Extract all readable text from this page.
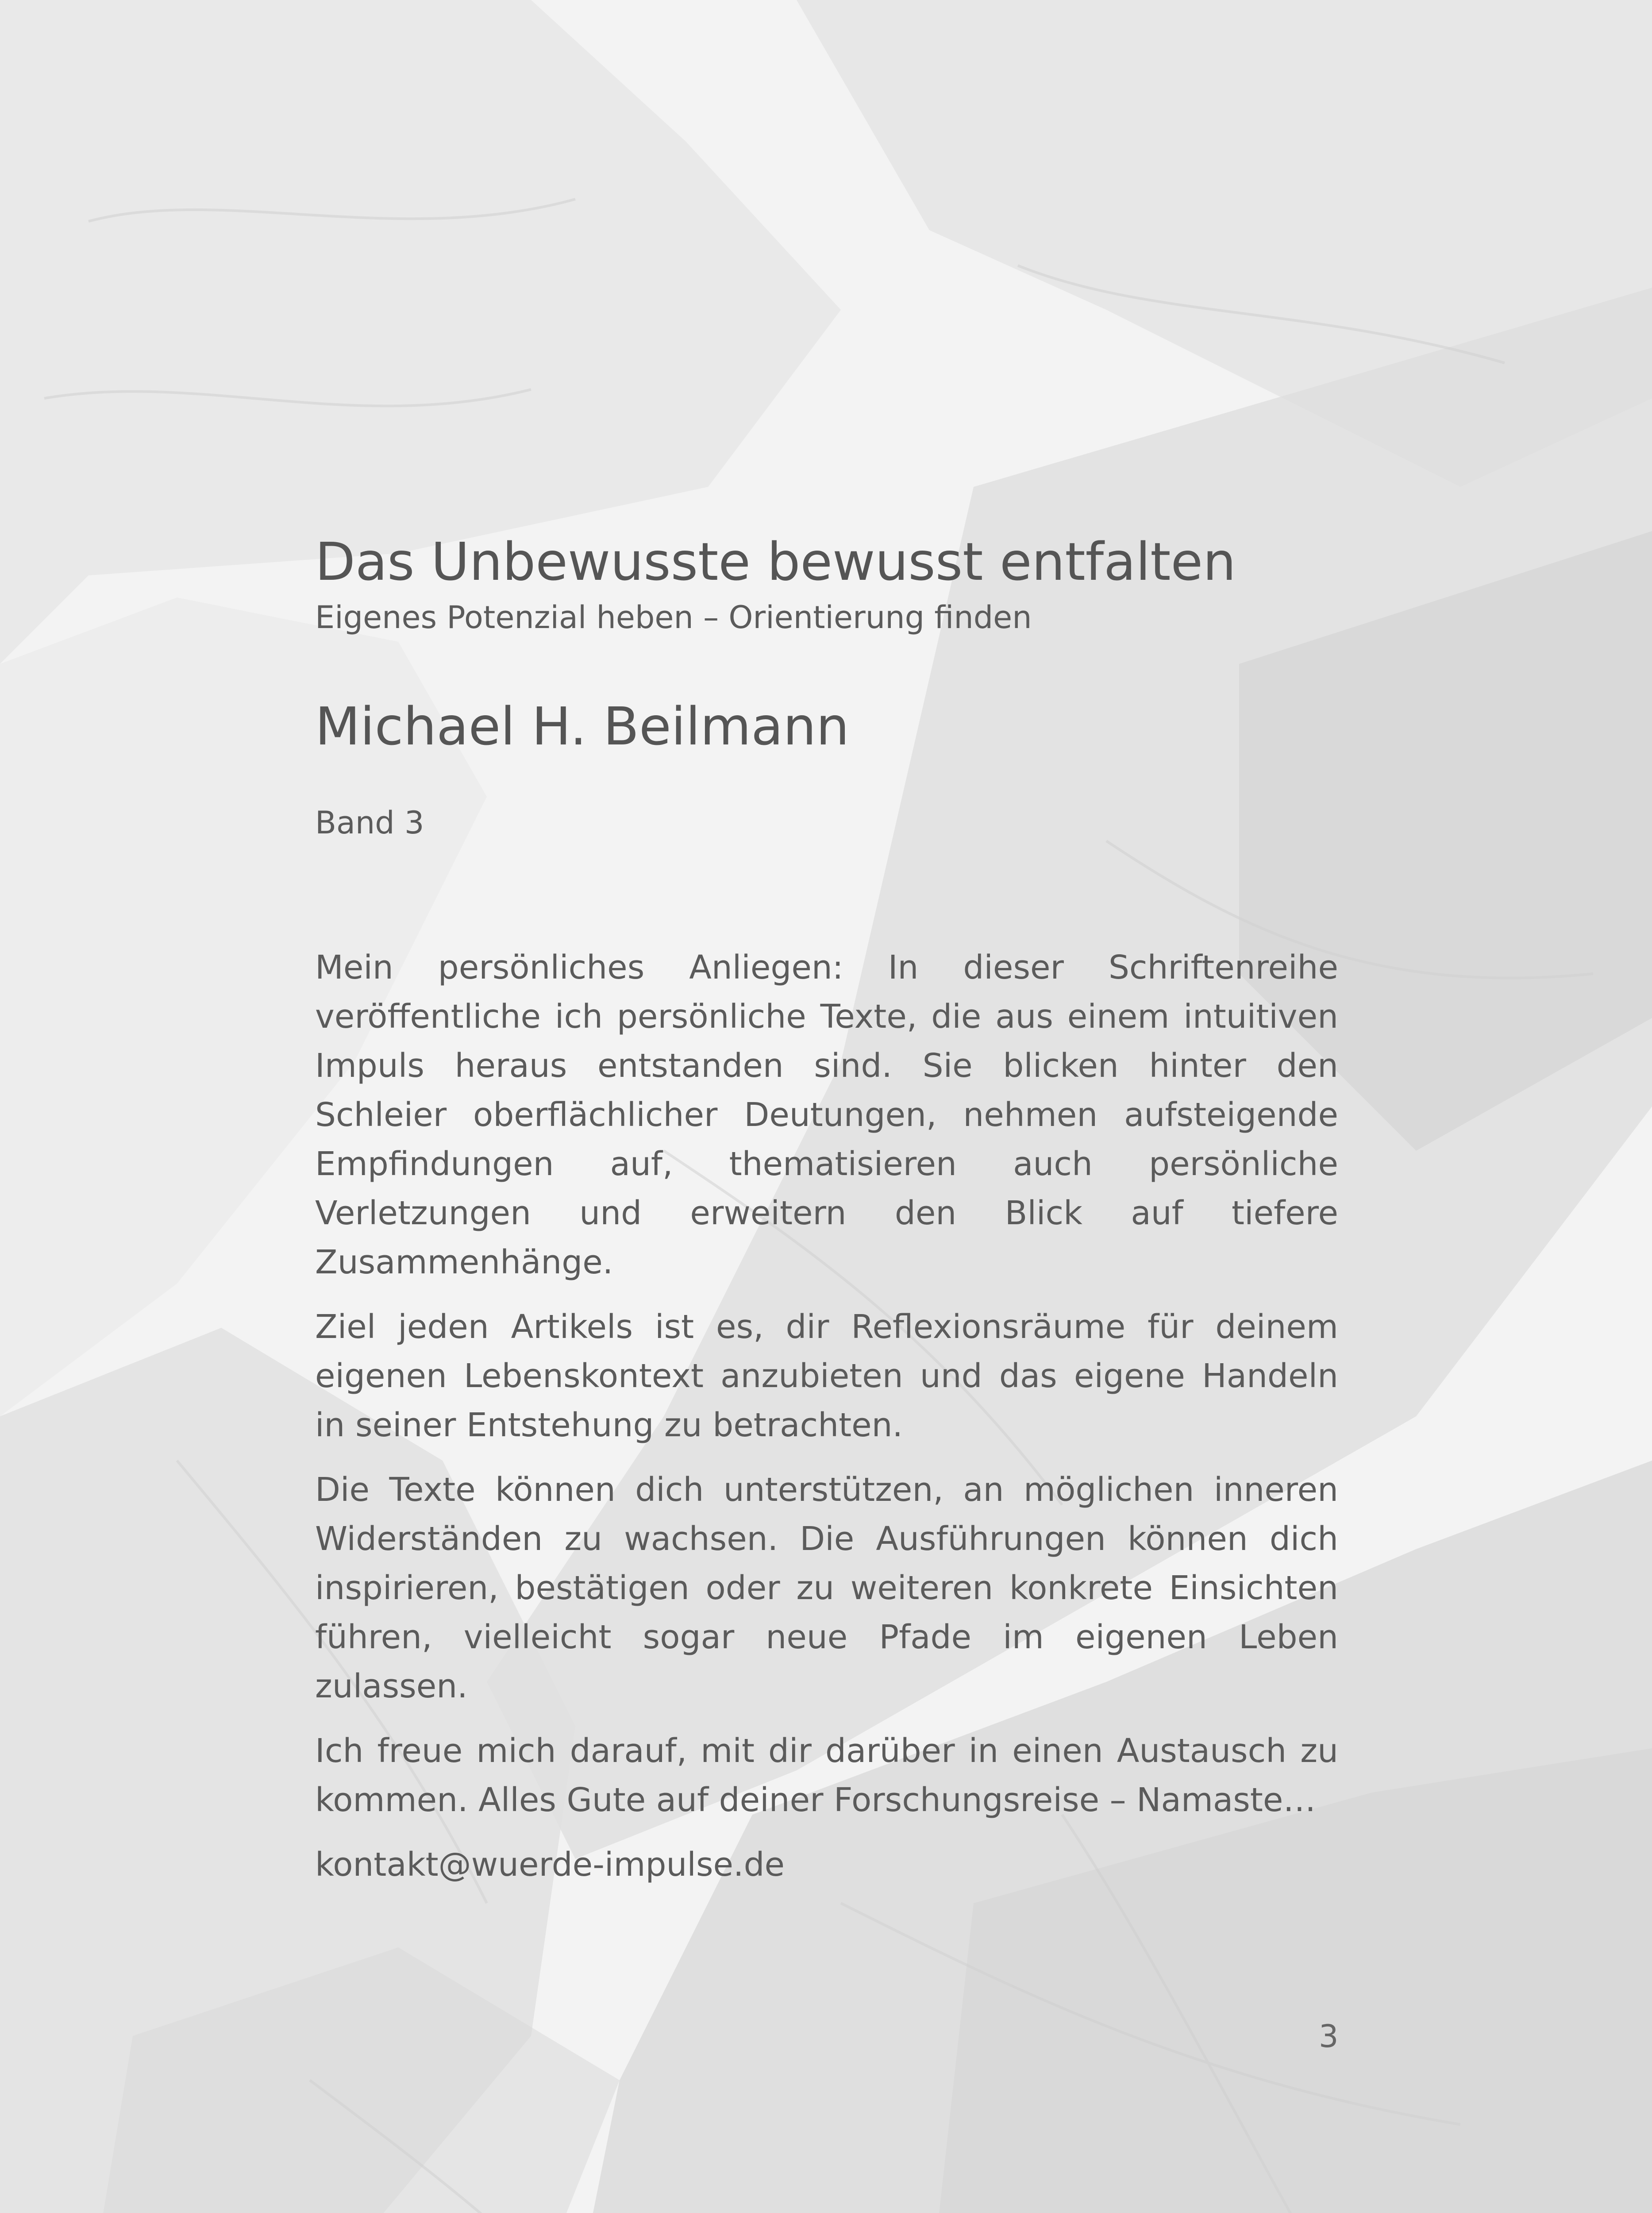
Das Unbewusste bewusst entfalten

Eigenes Potenzial heben – Orientierung finden

Michael H. Beilmann

Band 3

Mein persönliches Anliegen: In dieser Schriftenreihe veröffentliche ich persönliche Texte, die aus einem intuitiven Impuls heraus entstanden sind. Sie blicken hinter den Schleier oberflächlicher Deutungen, nehmen aufsteigende Empfindungen auf, thematisieren auch persönliche Verletzungen und erweitern den Blick auf tiefere Zusammenhänge.

Ziel jeden Artikels ist es, dir Reflexionsräume für deinem eigenen Lebenskontext anzubieten und das eigene Handeln in seiner Entstehung zu betrachten.

Die Texte können dich unterstützen, an möglichen inneren Widerständen zu wachsen. Die Ausführungen können dich inspirieren, bestätigen oder zu weiteren konkrete Einsichten führen, vielleicht sogar neue Pfade im eigenen Leben zulassen.

Ich freue mich darauf, mit dir darüber in einen Austausch zu kommen. Alles Gute auf deiner Forschungsreise – Namaste…

kontakt@wuerde-impulse.de

3
